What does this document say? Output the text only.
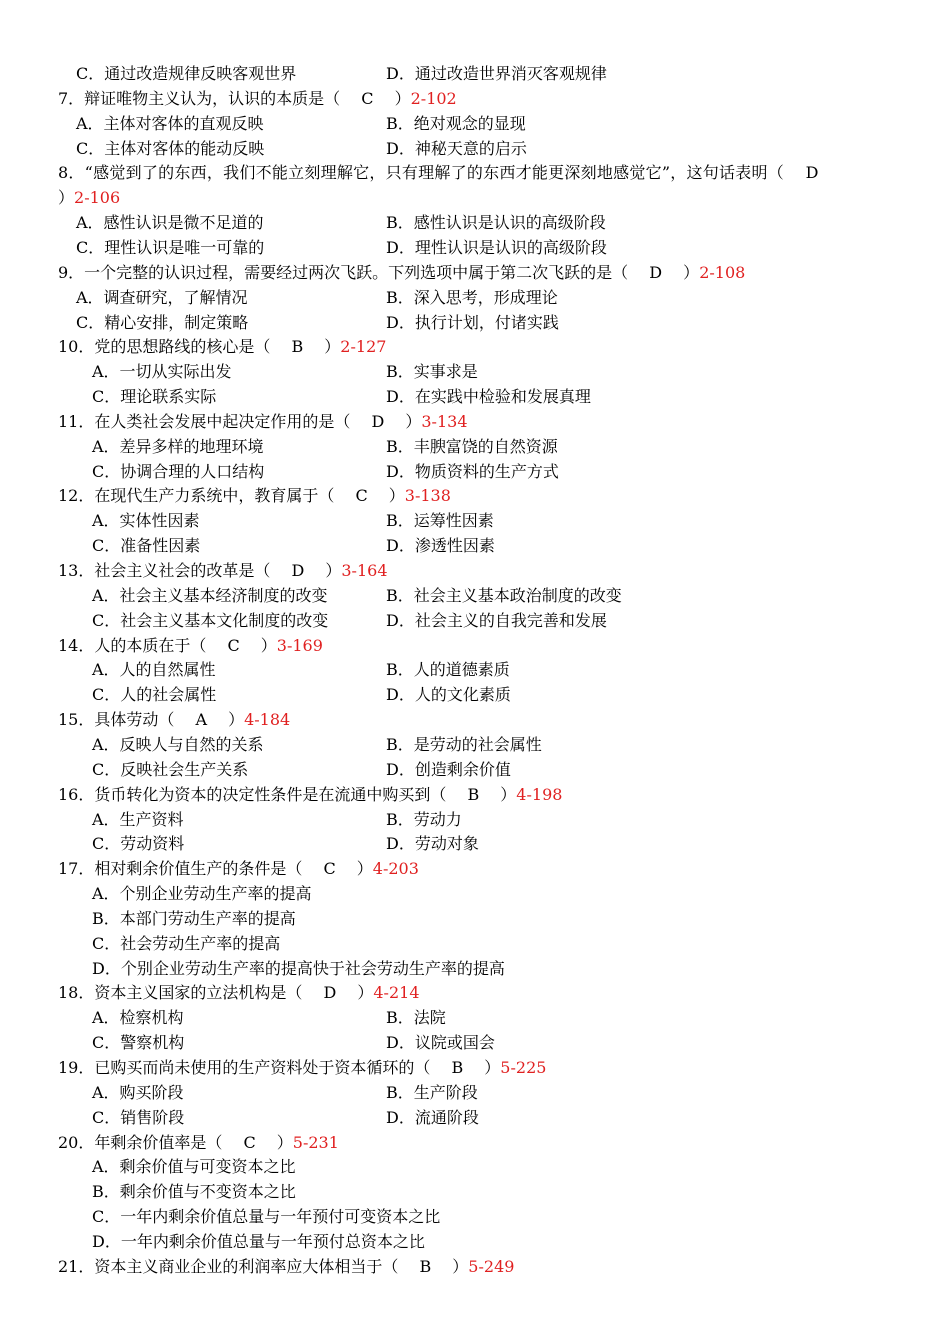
C．通过改造规律反映客观世界	D．通过改造世界消灭客观规律
7．辩证唯物主义认为，认识的本质是（　 C　 ）2-102
A．主体对客体的直观反映	B．绝对观念的显现
C．主体对客体的能动反映	D．神秘天意的启示
8．“感觉到了的东西，我们不能立刻理解它，只有理解了的东西才能更深刻地感觉它”，这句话表明（　 D
）2-106
A．感性认识是微不足道的	B．感性认识是认识的高级阶段
C．理性认识是唯一可靠的	D．理性认识是认识的高级阶段
9．一个完整的认识过程，需要经过两次飞跃。下列选项中属于第二次飞跃的是（　 D　 ）2-108
A．调查研究，了解情况	B．深入思考，形成理论
C．精心安排，制定策略	D．执行计划，付诸实践
10．党的思想路线的核心是（　 B　 ）2-127
A．一切从实际出发	B．实事求是
C．理论联系实际	D．在实践中检验和发展真理
11．在人类社会发展中起决定作用的是（　 D　 ）3-134
A．差异多样的地理环境	B．丰腴富饶的自然资源
C．协调合理的人口结构	D．物质资料的生产方式
12．在现代生产力系统中，教育属于（　 C　 ）3-138
A．实体性因素	B．运筹性因素
C．准备性因素	D．渗透性因素
13．社会主义社会的改革是（　 D　 ）3-164
A．社会主义基本经济制度的改变	B．社会主义基本政治制度的改变
C．社会主义基本文化制度的改变	D．社会主义的自我完善和发展
14．人的本质在于（　 C　 ）3-169
A．人的自然属性	B．人的道德素质
C．人的社会属性	D．人的文化素质
15．具体劳动（　 A　 ）4-184
A．反映人与自然的关系	B．是劳动的社会属性
C．反映社会生产关系	D．创造剩余价值
16．货币转化为资本的决定性条件是在流通中购买到（　 B　 ）4-198
A．生产资料	B．劳动力
C．劳动资料	D．劳动对象
17．相对剩余价值生产的条件是（　 C　 ）4-203
A．个别企业劳动生产率的提高
B．本部门劳动生产率的提高
C．社会劳动生产率的提高
D．个别企业劳动生产率的提高快于社会劳动生产率的提高
18．资本主义国家的立法机构是（　 D　 ）4-214
A．检察机构	B．法院
C．警察机构	D．议院或国会
19．已购买而尚未使用的生产资料处于资本循环的（　 B　 ）5-225
A．购买阶段	B．生产阶段
C．销售阶段	D．流通阶段
20．年剩余价值率是（　 C　 ）5-231
A．剩余价值与可变资本之比
B．剩余价值与不变资本之比
C．一年内剩余价值总量与一年预付可变资本之比
D．一年内剩余价值总量与一年预付总资本之比
21．资本主义商业企业的利润率应大体相当于（　 B　 ）5-249
